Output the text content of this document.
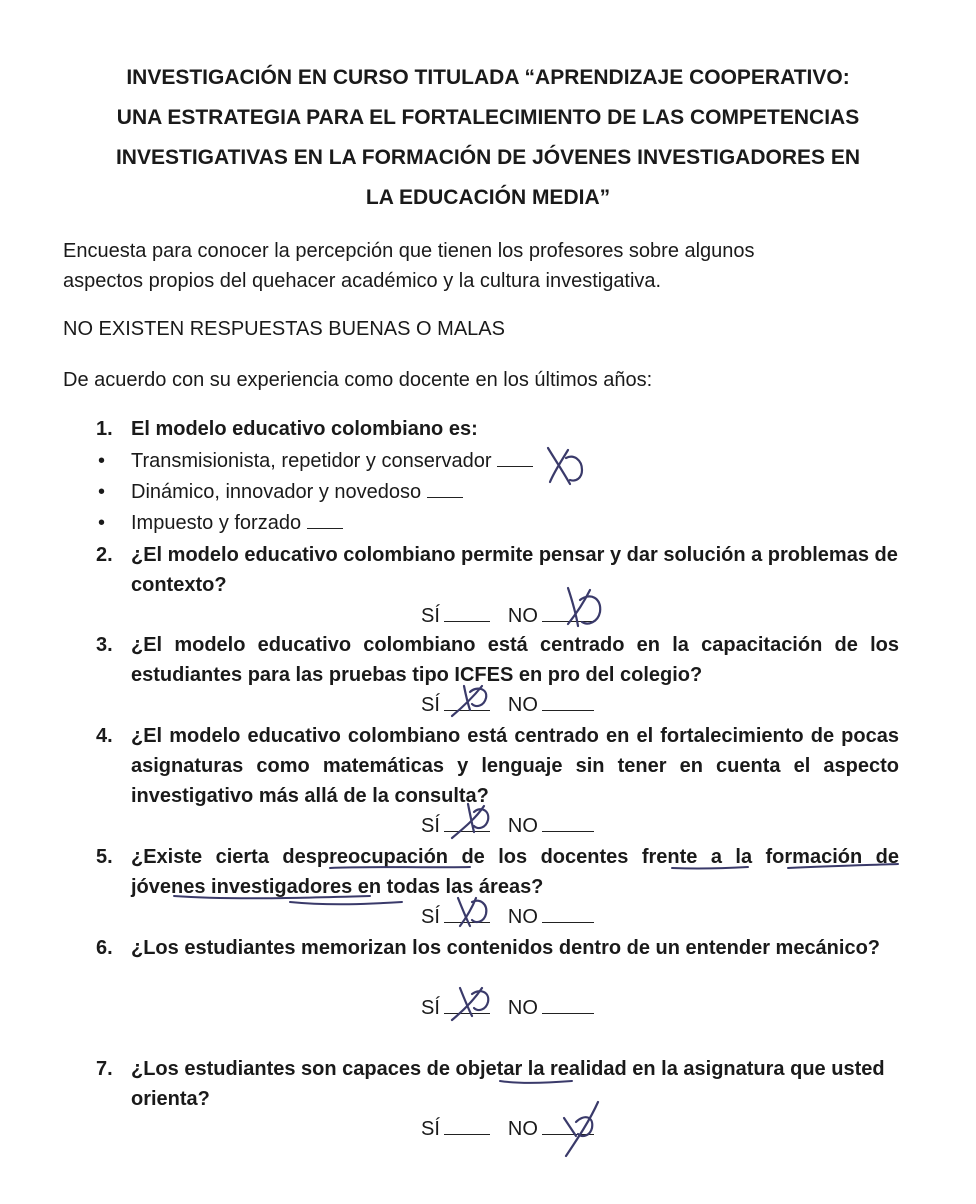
INVESTIGACIÓN EN CURSO TITULADA “APRENDIZAJE COOPERATIVO:
UNA ESTRATEGIA PARA EL FORTALECIMIENTO DE LAS COMPETENCIAS
INVESTIGATIVAS EN LA FORMACIÓN DE JÓVENES INVESTIGADORES EN
LA EDUCACIÓN MEDIA”
Encuesta para conocer la percepción que tienen los profesores sobre algunos
aspectos propios del quehacer académico y la cultura investigativa.
NO EXISTEN RESPUESTAS BUENAS O MALAS
De acuerdo con su experiencia como docente en los últimos años:
1. El modelo educativo colombiano es:
• Transmisionista, repetidor y conservador
• Dinámico, innovador y novedoso
• Impuesto y forzado
2. ¿El modelo educativo colombiano permite pensar y dar solución a problemas de contexto?
SÍ	NO
3. ¿El modelo educativo colombiano está centrado en la capacitación de los estudiantes para las pruebas tipo ICFES en pro del colegio?
SÍ	NO
4. ¿El modelo educativo colombiano está centrado en el fortalecimiento de pocas asignaturas como matemáticas y lenguaje sin tener en cuenta el aspecto investigativo más allá de la consulta?
SÍ	NO
5. ¿Existe cierta despreocupación de los docentes frente a la formación de jóvenes investigadores en todas las áreas?
SÍ	NO
6. ¿Los estudiantes memorizan los contenidos dentro de un entender mecánico?
SÍ	NO
7. ¿Los estudiantes son capaces de objetar la realidad en la asignatura que usted orienta?
SÍ	NO
